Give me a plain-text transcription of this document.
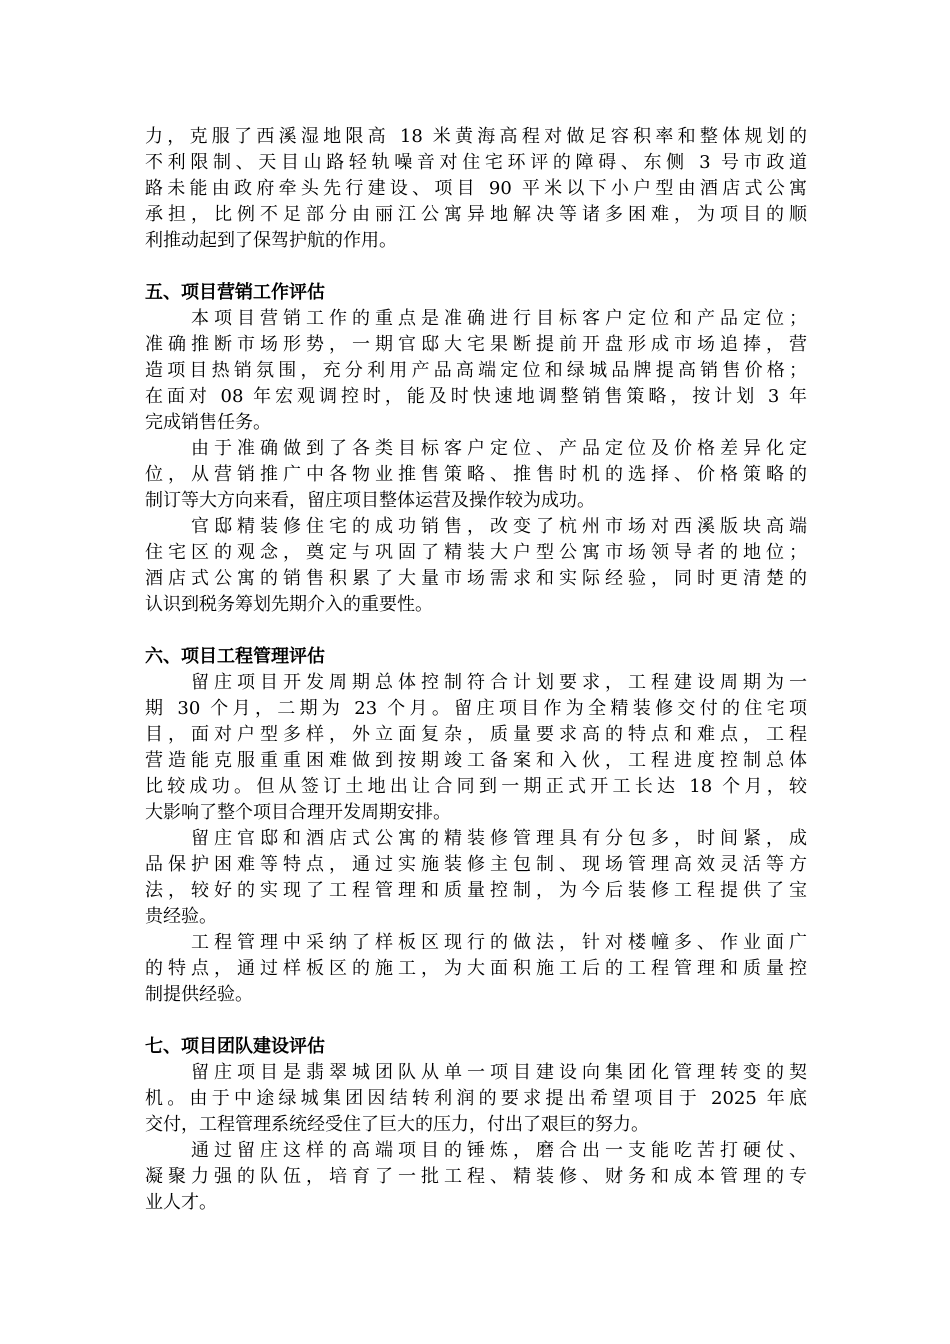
力，克服了西溪湿地限高 18 米黄海高程对做足容积率和整体规划的
不利限制、天目山路轻轨噪音对住宅环评的障碍、东侧 3 号市政道
路未能由政府牵头先行建设、项目 90 平米以下小户型由酒店式公寓
承担，比例不足部分由丽江公寓异地解决等诸多困难，为项目的顺
利推动起到了保驾护航的作用。
五、项目营销工作评估
　　本项目营销工作的重点是准确进行目标客户定位和产品定位；
准确推断市场形势，一期官邸大宅果断提前开盘形成市场追捧，营
造项目热销氛围，充分利用产品高端定位和绿城品牌提高销售价格；
在面对 08 年宏观调控时，能及时快速地调整销售策略，按计划 3 年
完成销售任务。
　　由于准确做到了各类目标客户定位、产品定位及价格差异化定
位，从营销推广中各物业推售策略、推售时机的选择、价格策略的
制订等大方向来看，留庄项目整体运营及操作较为成功。
　　官邸精装修住宅的成功销售，改变了杭州市场对西溪版块高端
住宅区的观念，奠定与巩固了精装大户型公寓市场领导者的地位；
酒店式公寓的销售积累了大量市场需求和实际经验，同时更清楚的
认识到税务筹划先期介入的重要性。
六、项目工程管理评估
　　留庄项目开发周期总体控制符合计划要求，工程建设周期为一
期 30 个月，二期为 23 个月。留庄项目作为全精装修交付的住宅项
目，面对户型多样，外立面复杂，质量要求高的特点和难点，工程
营造能克服重重困难做到按期竣工备案和入伙，工程进度控制总体
比较成功。但从签订土地出让合同到一期正式开工长达 18 个月，较
大影响了整个项目合理开发周期安排。
　　留庄官邸和酒店式公寓的精装修管理具有分包多，时间紧，成
品保护困难等特点，通过实施装修主包制、现场管理高效灵活等方
法，较好的实现了工程管理和质量控制，为今后装修工程提供了宝
贵经验。
　　工程管理中采纳了样板区现行的做法，针对楼幢多、作业面广
的特点，通过样板区的施工，为大面积施工后的工程管理和质量控
制提供经验。
七、项目团队建设评估
　　留庄项目是翡翠城团队从单一项目建设向集团化管理转变的契
机。由于中途绿城集团因结转利润的要求提出希望项目于 2025 年底
交付，工程管理系统经受住了巨大的压力，付出了艰巨的努力。
　　通过留庄这样的高端项目的锤炼，磨合出一支能吃苦打硬仗、
凝聚力强的队伍，培育了一批工程、精装修、财务和成本管理的专
业人才。
